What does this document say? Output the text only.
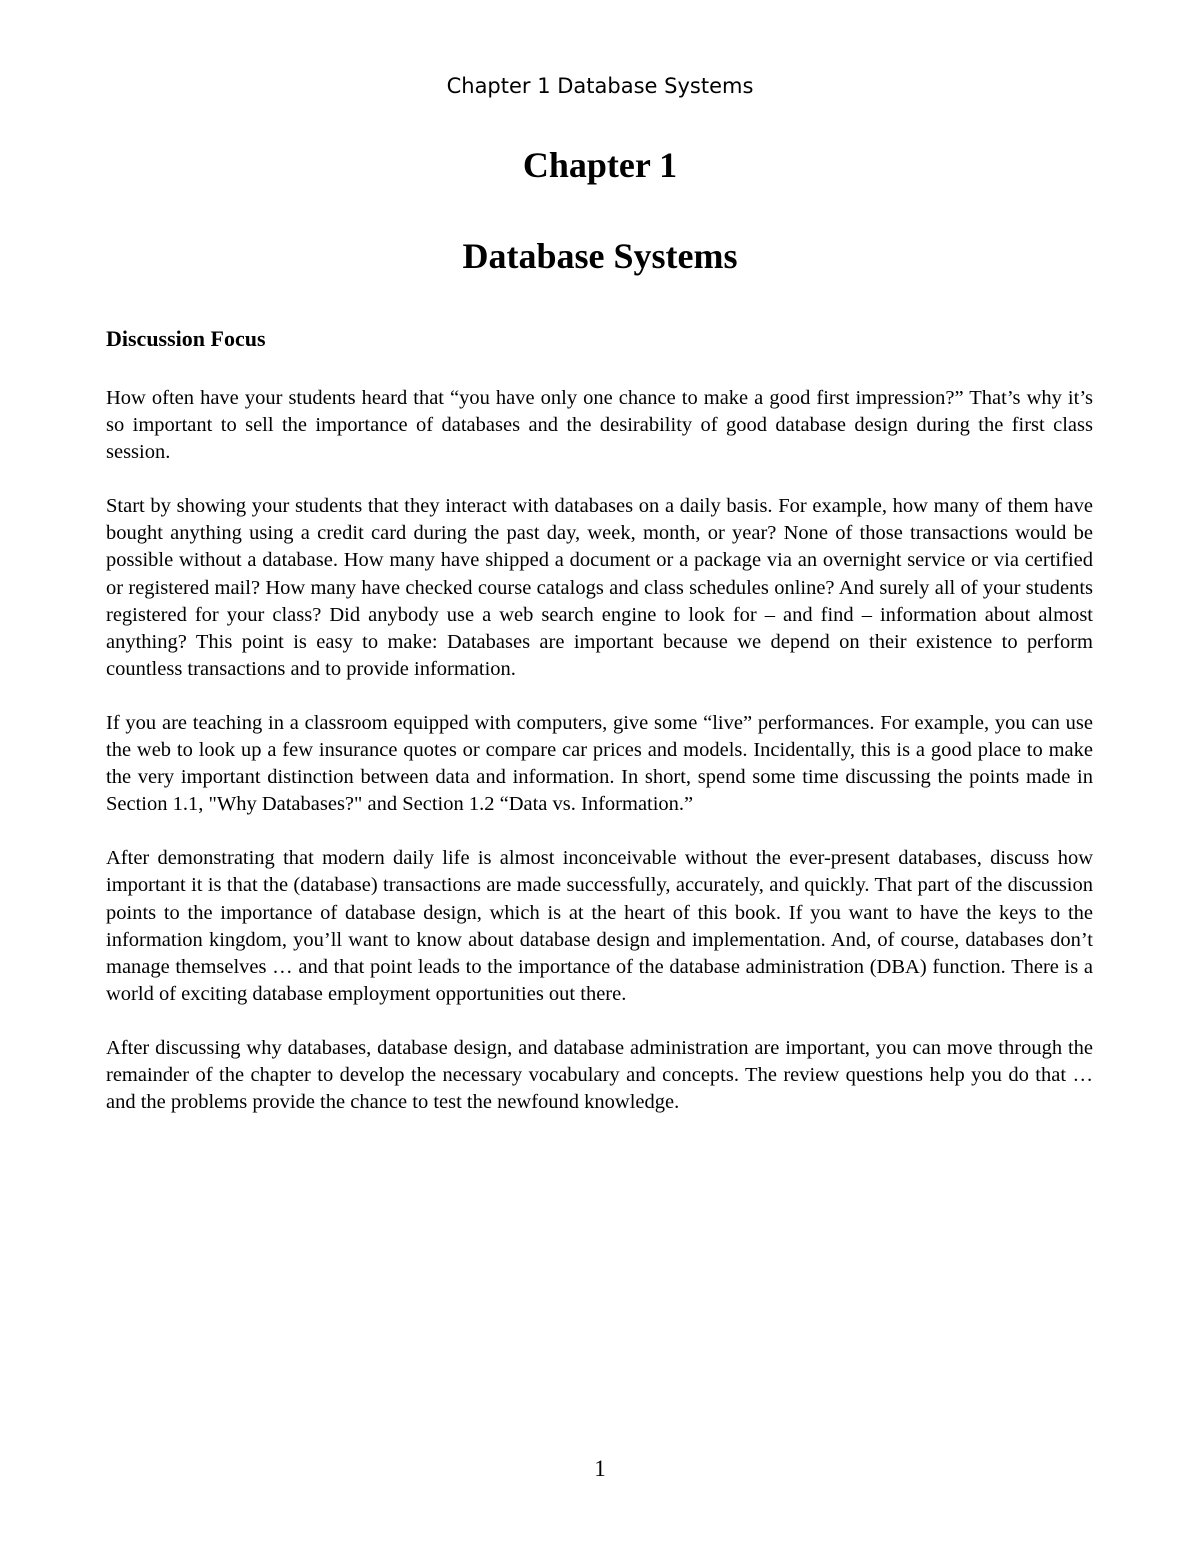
Chapter 1 Database Systems
Chapter 1
Database Systems
Discussion Focus

How often have your students heard that “you have only one chance to make a good first impression?” That’s why it’s so important to sell the importance of databases and the desirability of good database design during the first class session.

Start by showing your students that they interact with databases on a daily basis. For example, how many of them have bought anything using a credit card during the past day, week, month, or year? None of those transactions would be possible without a database. How many have shipped a document or a package via an overnight service or via certified or registered mail? How many have checked course catalogs and class schedules online? And surely all of your students registered for your class? Did anybody use a web search engine to look for – and find – information about almost anything? This point is easy to make: Databases are important because we depend on their existence to perform countless transactions and to provide information.

If you are teaching in a classroom equipped with computers, give some “live” performances. For example, you can use the web to look up a few insurance quotes or compare car prices and models. Incidentally, this is a good place to make the very important distinction between data and information. In short, spend some time discussing the points made in Section 1.1, "Why Databases?" and Section 1.2 “Data vs. Information.”

After demonstrating that modern daily life is almost inconceivable without the ever-present databases, discuss how important it is that the (database) transactions are made successfully, accurately, and quickly. That part of the discussion points to the importance of database design, which is at the heart of this book. If you want to have the keys to the information kingdom, you’ll want to know about database design and implementation. And, of course, databases don’t manage themselves … and that point leads to the importance of the database administration (DBA) function. There is a world of exciting database employment opportunities out there.

After discussing why databases, database design, and database administration are important, you can move through the remainder of the chapter to develop the necessary vocabulary and concepts. The review questions help you do that … and the problems provide the chance to test the newfound knowledge.

1
